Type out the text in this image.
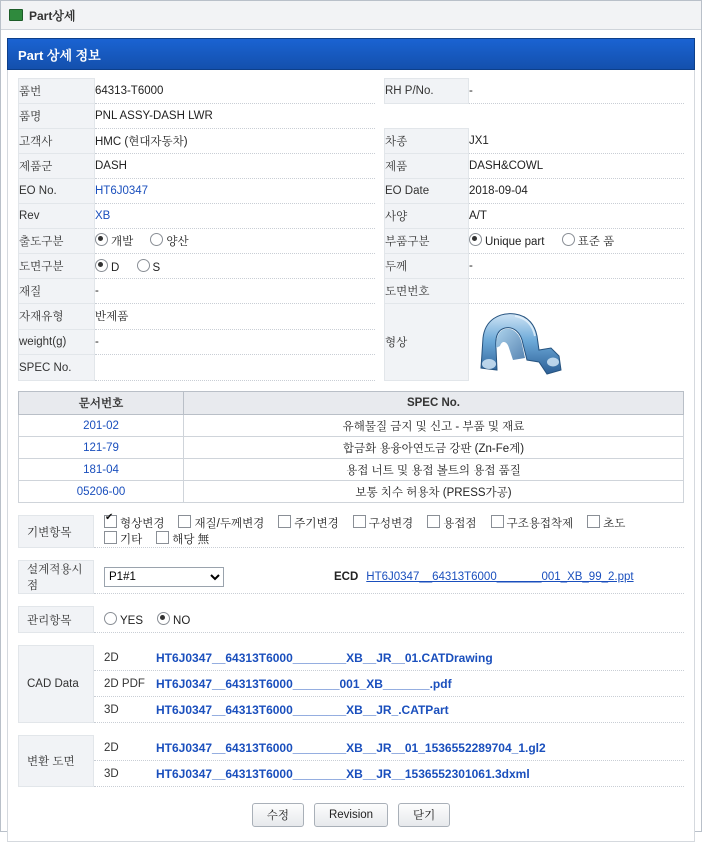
Part상세
Part 상세 정보
품번	64313-T6000		RH P/No.	-
품명	PNL ASSY-DASH LWR			
고객사	HMC (현대자동차)		차종	JX1
제품군	DASH		제품	DASH&COWL
EO No.	HT6J0347		EO Date	2018-09-04
Rev	XB		사양	A/T
출도구분	개발 양산		부품구분	Unique part 표준 품
도면구분	D S		두께	-
재질	-		도면번호	
자재유형	반제품		형상	

weight(g)	-			
SPEC No.				
문서번호	SPEC No.
201-02	유해물질 금지 및 신고 - 부품 및 재료
121-79	합금화 용융아연도금 강판 (Zn-Fe계)
181-04	용접 너트 및 용접 볼트의 용접 품질
05206-00	보통 치수 허용차 (PRESS가공)
기변항목
✔형상변경	재질/두께변경	주기변경	구성변경	용접점	구조용접착제	초도
기타	해당 無
설계적용시점
P1#1
ECD HT6J0347__64313T6000_______001_XB_99_2.ppt
관리항목	YES	NO
CAD Data
2D	HT6J0347__64313T6000________XB__JR__01.CATDrawing
2D PDF HT6J0347__64313T6000_______001_XB_______.pdf
3D	HT6J0347__64313T6000________XB__JR_.CATPart
변환 도면
2D	HT6J0347__64313T6000________XB__JR__01_1536552289704_1.gl2
3D	HT6J0347__64313T6000________XB__JR__1536552301061.3dxml
수정	Revision	닫기
